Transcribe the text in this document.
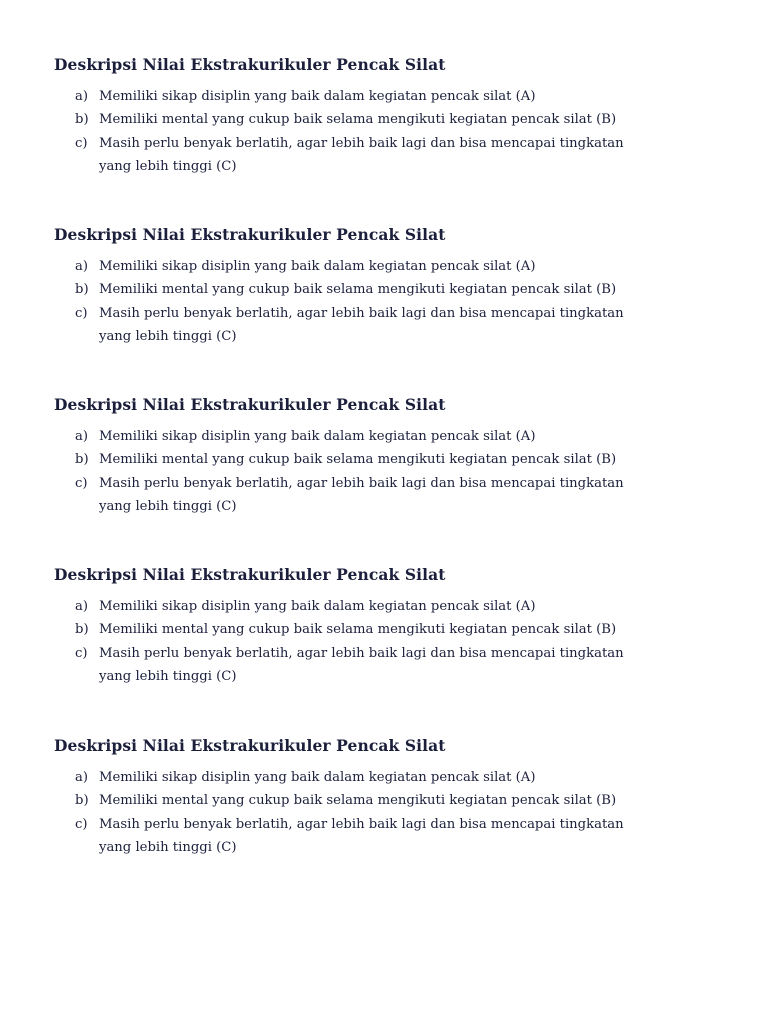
Deskripsi Nilai Ekstrakurikuler Pencak Silat
a) Memiliki sikap disiplin yang baik dalam kegiatan pencak silat (A)
b) Memiliki mental yang cukup baik selama mengikuti kegiatan pencak silat (B)
c) Masih perlu benyak berlatih, agar lebih baik lagi dan bisa mencapai tingkatan
yang lebih tinggi (C)
Deskripsi Nilai Ekstrakurikuler Pencak Silat
a) Memiliki sikap disiplin yang baik dalam kegiatan pencak silat (A)
b) Memiliki mental yang cukup baik selama mengikuti kegiatan pencak silat (B)
c) Masih perlu benyak berlatih, agar lebih baik lagi dan bisa mencapai tingkatan
yang lebih tinggi (C)
Deskripsi Nilai Ekstrakurikuler Pencak Silat
a) Memiliki sikap disiplin yang baik dalam kegiatan pencak silat (A)
b) Memiliki mental yang cukup baik selama mengikuti kegiatan pencak silat (B)
c) Masih perlu benyak berlatih, agar lebih baik lagi dan bisa mencapai tingkatan
yang lebih tinggi (C)
Deskripsi Nilai Ekstrakurikuler Pencak Silat
a) Memiliki sikap disiplin yang baik dalam kegiatan pencak silat (A)
b) Memiliki mental yang cukup baik selama mengikuti kegiatan pencak silat (B)
c) Masih perlu benyak berlatih, agar lebih baik lagi dan bisa mencapai tingkatan
yang lebih tinggi (C)
Deskripsi Nilai Ekstrakurikuler Pencak Silat
a) Memiliki sikap disiplin yang baik dalam kegiatan pencak silat (A)
b) Memiliki mental yang cukup baik selama mengikuti kegiatan pencak silat (B)
c) Masih perlu benyak berlatih, agar lebih baik lagi dan bisa mencapai tingkatan
yang lebih tinggi (C)
